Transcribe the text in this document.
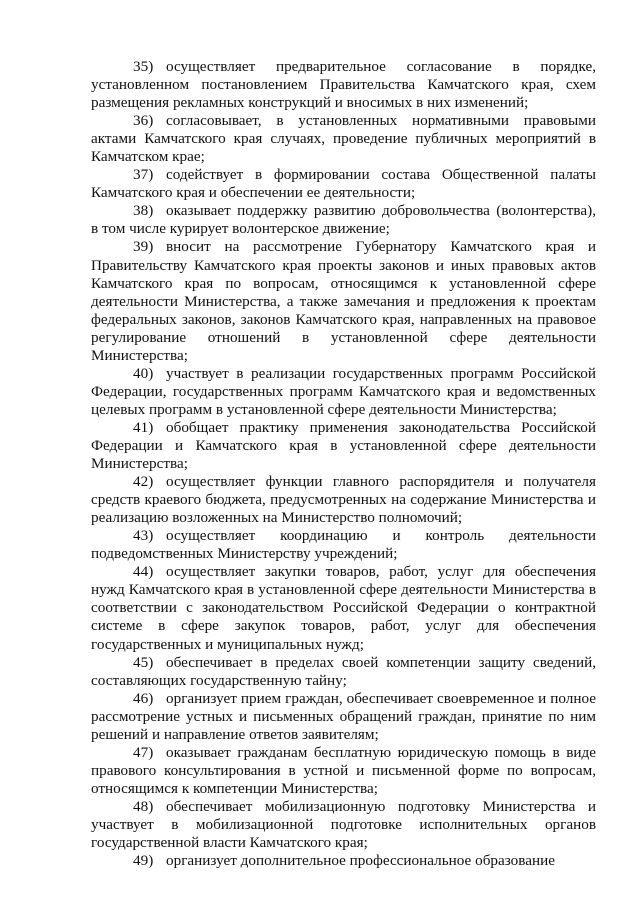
35) осуществляет предварительное согласование в порядке, установленном постановлением Правительства Камчатского края, схем размещения рекламных конструкций и вносимых в них изменений;

36) согласовывает, в установленных нормативными правовыми актами Камчатского края случаях, проведение публичных мероприятий в Камчатском крае;

37) содействует в формировании состава Общественной палаты Камчатского края и обеспечении ее деятельности;

38) оказывает поддержку развитию добровольчества (волонтерства), в том числе курирует волонтерское движение;

39) вносит на рассмотрение Губернатору Камчатского края и Правительству Камчатского края проекты законов и иных правовых актов Камчатского края по вопросам, относящимся к установленной сфере деятельности Министерства, а также замечания и предложения к проектам федеральных законов, законов Камчатского края, направленных на правовое регулирование отношений в установленной сфере деятельности Министерства;

40) участвует в реализации государственных программ Российской Федерации, государственных программ Камчатского края и ведомственных целевых программ в установленной сфере деятельности Министерства;

41) обобщает практику применения законодательства Российской Федерации и Камчатского края в установленной сфере деятельности Министерства;

42) осуществляет функции главного распорядителя и получателя средств краевого бюджета, предусмотренных на содержание Министерства и реализацию возложенных на Министерство полномочий;

43) осуществляет координацию и контроль деятельности подведомственных Министерству учреждений;

44) осуществляет закупки товаров, работ, услуг для обеспечения нужд Камчатского края в установленной сфере деятельности Министерства в соответствии с законодательством Российской Федерации о контрактной системе в сфере закупок товаров, работ, услуг для обеспечения государственных и муниципальных нужд;

45) обеспечивает в пределах своей компетенции защиту сведений, составляющих государственную тайну;

46) организует прием граждан, обеспечивает своевременное и полное рассмотрение устных и письменных обращений граждан, принятие по ним решений и направление ответов заявителям;

47) оказывает гражданам бесплатную юридическую помощь в виде правового консультирования в устной и письменной форме по вопросам, относящимся к компетенции Министерства;

48) обеспечивает мобилизационную подготовку Министерства и участвует в мобилизационной подготовке исполнительных органов государственной власти Камчатского края;

49) организует дополнительное профессиональное образование
